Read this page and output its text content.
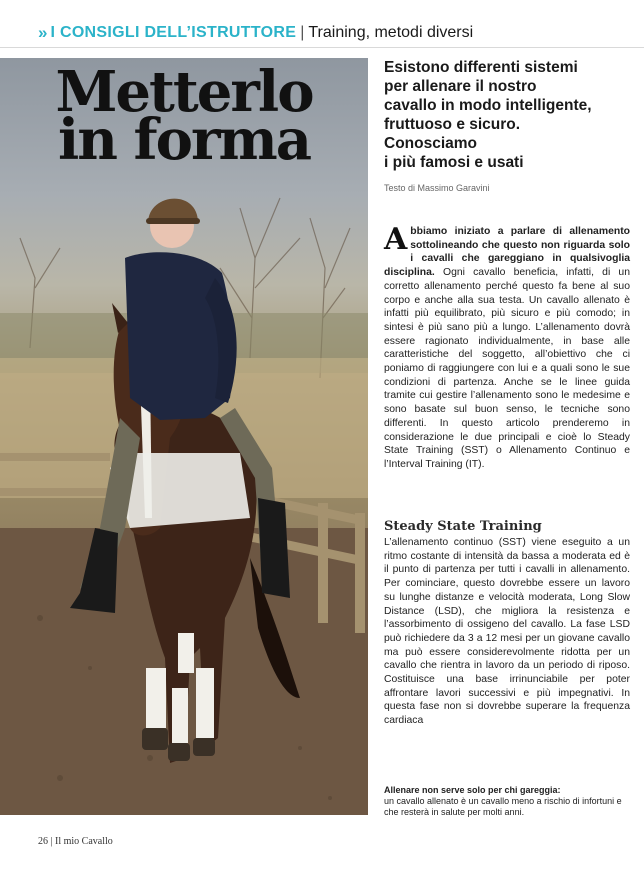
» I CONSIGLI DELL’ISTRUTTORE | Training, metodi diversi
Metterlo
in forma
Esistono differenti sistemi
per allenare il nostro
cavallo in modo intelligente,
fruttuoso e sicuro.
Conosciamo
i più famosi e usati
Testo di Massimo Garavini
Abbiamo iniziato a parlare di allenamento sottolineando che questo non riguarda solo i cavalli che gareggiano in qualsivoglia disciplina. Ogni cavallo beneficia, infatti, di un corretto allenamento perché questo fa bene al suo corpo e anche alla sua testa. Un cavallo allenato è infatti più equilibrato, più sicuro e più comodo; in sintesi è più sano più a lungo. L’allenamento dovrà essere ragionato individualmente, in base alle caratteristiche del soggetto, all’obiettivo che ci poniamo di raggiungere con lui e a quali sono le sue condizioni di partenza. Anche se le linee guida tramite cui gestire l’allenamento sono le medesime e sono basate sul buon senso, le tecniche sono differenti. In questo articolo prenderemo in considerazione le due principali e cioè lo Steady State Training (SST) o Allenamento Continuo e l’Interval Training (IT).
Steady State Training
L’allenamento continuo (SST) viene eseguito a un ritmo costante di intensità da bassa a moderata ed è il punto di partenza per tutti i cavalli in allenamento. Per cominciare, questo dovrebbe essere un lavoro su lunghe distanze e velocità moderata, Long Slow Distance (LSD), che migliora la resistenza e l’assorbimento di ossigeno del cavallo. La fase LSD può richiedere da 3 a 12 mesi per un giovane cavallo ma può essere considerevolmente ridotta per un cavallo che rientra in lavoro da un periodo di riposo. Costituisce una base irrinunciabile per poter affrontare lavori successivi e più impegnativi. In questa fase non si dovrebbe superare la frequenza cardiaca
Allenare non serve solo per chi gareggia:
un cavallo allenato è un cavallo meno a rischio di infortuni e che resterà in salute per molti anni.
26 | Il mio Cavallo
